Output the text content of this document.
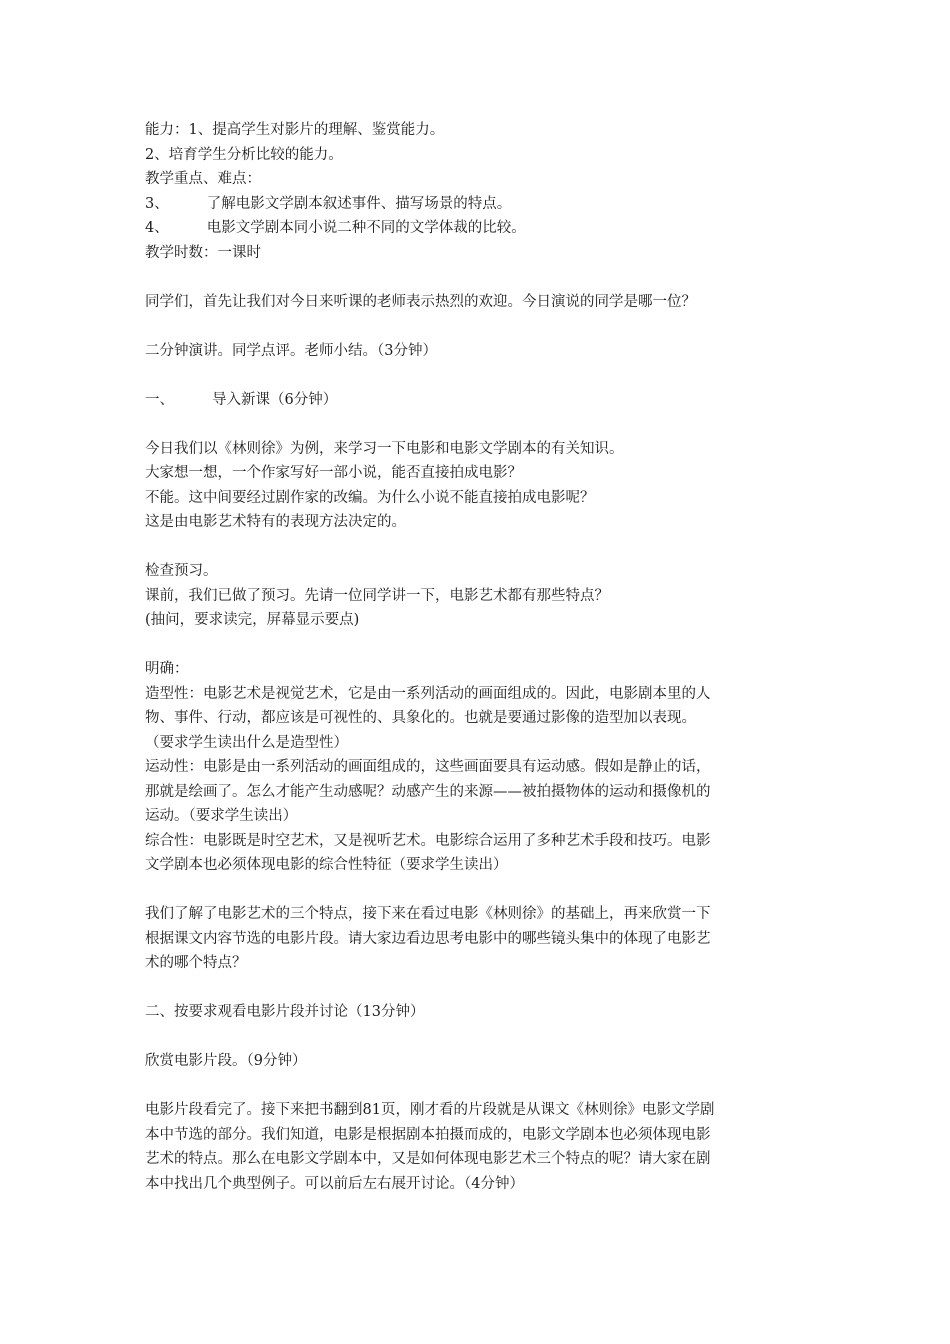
能力：1、提高学生对影片的理解、鉴赏能力。
2、培育学生分析比较的能力。
教学重点、难点：
3、	了解电影文学剧本叙述事件、描写场景的特点。
4、	电影文学剧本同小说二种不同的文学体裁的比较。
教学时数：一课时
同学们，首先让我们对今日来听课的老师表示热烈的欢迎。今日演说的同学是哪一位？
二分钟演讲。同学点评。老师小结。（3分钟）
一、	导入新课（6分钟）
今日我们以《林则徐》为例，来学习一下电影和电影文学剧本的有关知识。
大家想一想，一个作家写好一部小说，能否直接拍成电影？
不能。这中间要经过剧作家的改编。为什么小说不能直接拍成电影呢？
这是由电影艺术特有的表现方法决定的。
检查预习。
课前，我们已做了预习。先请一位同学讲一下，电影艺术都有那些特点？
(抽问，要求读完，屏幕显示要点)
明确：
造型性：电影艺术是视觉艺术，它是由一系列活动的画面组成的。因此，电影剧本里的人
物、事件、行动，都应该是可视性的、具象化的。也就是要通过影像的造型加以表现。
（要求学生读出什么是造型性）
运动性：电影是由一系列活动的画面组成的，这些画面要具有运动感。假如是静止的话，
那就是绘画了。怎么才能产生动感呢？动感产生的来源——被拍摄物体的运动和摄像机的
运动。（要求学生读出）
综合性：电影既是时空艺术，又是视听艺术。电影综合运用了多种艺术手段和技巧。电影
文学剧本也必须体现电影的综合性特征（要求学生读出）
我们了解了电影艺术的三个特点，接下来在看过电影《林则徐》的基础上，再来欣赏一下
根据课文内容节选的电影片段。请大家边看边思考电影中的哪些镜头集中的体现了电影艺
术的哪个特点？
二、按要求观看电影片段并讨论（13分钟）
欣赏电影片段。（9分钟）
电影片段看完了。接下来把书翻到81页，刚才看的片段就是从课文《林则徐》电影文学剧
本中节选的部分。我们知道，电影是根据剧本拍摄而成的，电影文学剧本也必须体现电影
艺术的特点。那么在电影文学剧本中，又是如何体现电影艺术三个特点的呢？请大家在剧
本中找出几个典型例子。可以前后左右展开讨论。（4分钟）
